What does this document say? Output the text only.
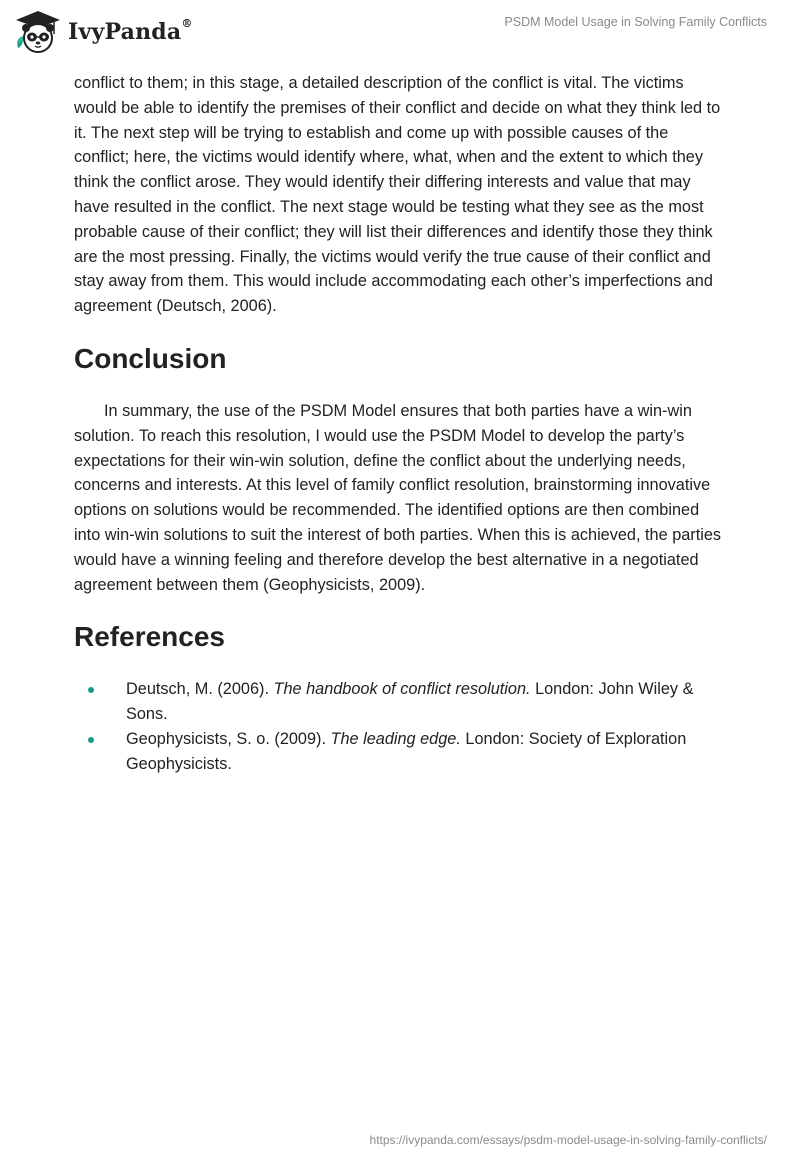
IvyPanda®	PSDM Model Usage in Solving Family Conflicts

conflict to them; in this stage, a detailed description of the conflict is vital. The victims would be able to identify the premises of their conflict and decide on what they think led to it. The next step will be trying to establish and come up with possible causes of the conflict; here, the victims would identify where, what, when and the extent to which they think the conflict arose. They would identify their differing interests and value that may have resulted in the conflict. The next stage would be testing what they see as the most probable cause of their conflict; they will list their differences and identify those they think are the most pressing. Finally, the victims would verify the true cause of their conflict and stay away from them. This would include accommodating each other’s imperfections and agreement (Deutsch, 2006).

Conclusion

In summary, the use of the PSDM Model ensures that both parties have a win-win solution. To reach this resolution, I would use the PSDM Model to develop the party’s expectations for their win-win solution, define the conflict about the underlying needs, concerns and interests. At this level of family conflict resolution, brainstorming innovative options on solutions would be recommended. The identified options are then combined into win-win solutions to suit the interest of both parties. When this is achieved, the parties would have a winning feeling and therefore develop the best alternative in a negotiated agreement between them (Geophysicists, 2009).

References
Deutsch, M. (2006). The handbook of conflict resolution. London: John Wiley & Sons.
Geophysicists, S. o. (2009). The leading edge. London: Society of Exploration Geophysicists.
https://ivypanda.com/essays/psdm-model-usage-in-solving-family-conflicts/
